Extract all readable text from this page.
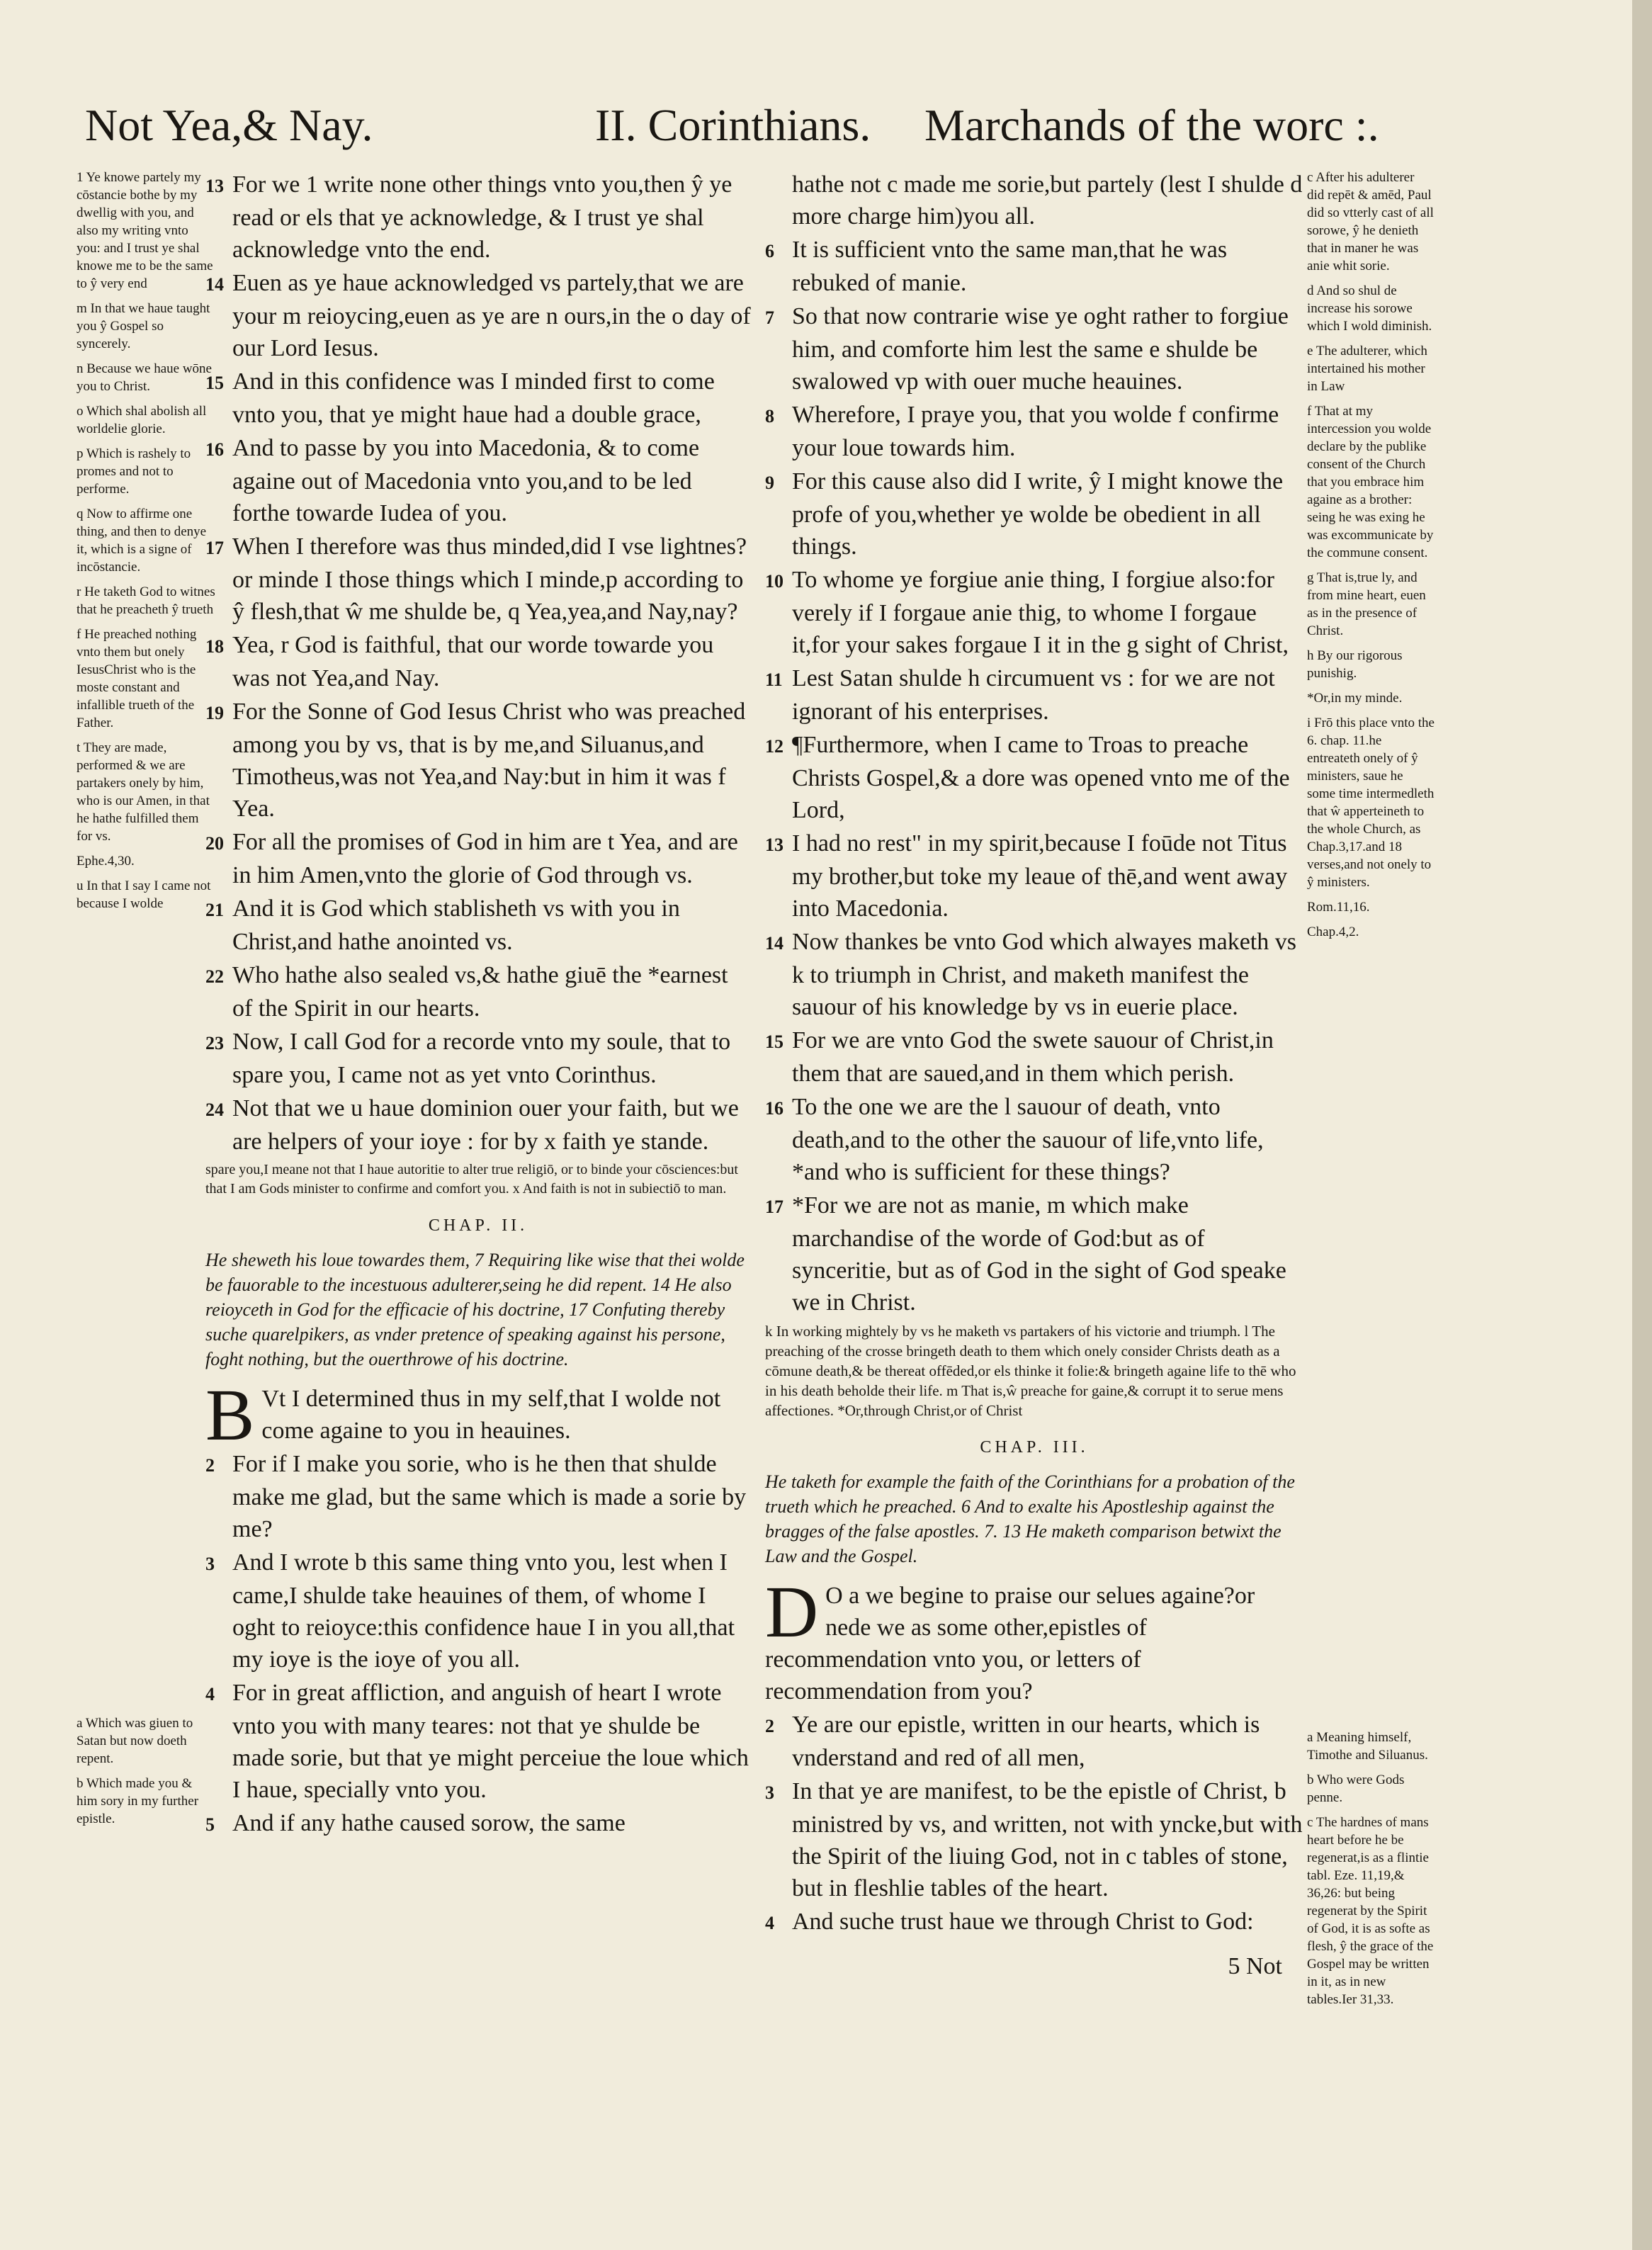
Not Yea,& Nay.	II. Corinthians. Marchands of the worc :.

1 Ye knowe partely my cōstancie bothe by my dwellig with you, and also my writing vnto you: and I trust ye shal knowe me to be the same to ŷ very end

m In that we haue taught you ŷ Gospel so syncerely.

n Because we haue wōne you to Christ.

o Which shal abolish all worldelie glorie.

p Which is rashely to promes and not to performe.

q Now to affirme one thing, and then to denye it, which is a signe of incōstancie.

r He taketh God to witnes that he preacheth ŷ trueth

f He preached nothing vnto them but onely IesusChrist who is the moste constant and infallible trueth of the Father.

t They are made, performed & we are partakers onely by him, who is our Amen, in that he hathe fulfilled them for vs.

Ephe.4,30.

u In that I say I came not because I wolde

a Which was giuen to Satan but now doeth repent.

b Which made you & him sory in my further epistle.

13 For we 1 write none other things vnto you,then ŷ ye read or els that ye acknowledge, & I trust ye shal acknowledge vnto the end.

14 Euen as ye haue acknowledged vs partely,that we are your m reioycing,euen as ye are n ours,in the o day of our Lord Iesus.

15 And in this confidence was I minded first to come vnto you, that ye might haue had a double grace,

16 And to passe by you into Macedonia, & to come againe out of Macedonia vnto you,and to be led forthe towarde Iudea of you.

17 When I therefore was thus minded,did I vse lightnes? or minde I those things which I minde,p according to ŷ flesh,that ŵ me shulde be, q Yea,yea,and Nay,nay?

18 Yea, r God is faithful, that our worde towarde you was not Yea,and Nay.

19 For the Sonne of God Iesus Christ who was preached among you by vs, that is by me,and Siluanus,and Timotheus,was not Yea,and Nay:but in him it was f Yea.

20 For all the promises of God in him are t Yea, and are in him Amen,vnto the glorie of God through vs.

21 And it is God which stablisheth vs with you in Christ,and hathe anointed vs.

22 Who hathe also sealed vs,& hathe giuē the *earnest of the Spirit in our hearts.

23 Now, I call God for a recorde vnto my soule, that to spare you, I came not as yet vnto Corinthus.

24 Not that we u haue dominion ouer your faith, but we are helpers of your ioye : for by x faith ye stande.

spare you,I meane not that I haue autoritie to alter true religiō, or to binde your cōsciences:but that I am Gods minister to confirme and comfort you. x And faith is not in subiectiō to man.

CHAP. II.

He sheweth his loue towardes them, 7 Requiring like wise that thei wolde be fauorable to the incestuous adulterer,seing he did repent. 14 He also reioyceth in God for the efficacie of his doctrine, 17 Confuting thereby suche quarelpikers, as vnder pretence of speaking against his persone, foght nothing, but the ouerthrowe of his doctrine.

B Vt I determined thus in my self,that I wolde not come againe to you in heauines.

2 For if I make you sorie, who is he then that shulde make me glad, but the same which is made a sorie by me?

3 And I wrote b this same thing vnto you, lest when I came,I shulde take heauines of them, of whome I oght to reioyce:this confidence haue I in you all,that my ioye is the ioye of you all.

4 For in great affliction, and anguish of heart I wrote vnto you with many teares: not that ye shulde be made sorie, but that ye might perceiue the loue which I haue, specially vnto you.

5 And if any hathe caused sorow, the same

hathe not c made me sorie,but partely (lest I shulde d more charge him)you all.

6 It is sufficient vnto the same man,that he was rebuked of manie.

7 So that now contrarie wise ye oght rather to forgiue him, and comforte him lest the same e shulde be swalowed vp with ouer muche heauines.

8 Wherefore, I praye you, that you wolde f confirme your loue towards him.

9 For this cause also did I write, ŷ I might knowe the profe of you,whether ye wolde be obedient in all things.

10 To whome ye forgiue anie thing, I forgiue also:for verely if I forgaue anie thig, to whome I forgaue it,for your sakes forgaue I it in the g sight of Christ,

11 Lest Satan shulde h circumuent vs : for we are not ignorant of his enterprises.

12 ¶Furthermore, when I came to Troas to preache Christs Gospel,& a dore was opened vnto me of the Lord,

13 I had no rest" in my spirit,because I foūde not Titus my brother,but toke my leaue of thē,and went away into Macedonia.

14 Now thankes be vnto God which alwayes maketh vs k to triumph in Christ, and maketh manifest the sauour of his knowledge by vs in euerie place.

15 For we are vnto God the swete sauour of Christ,in them that are saued,and in them which perish.

16 To the one we are the l sauour of death, vnto death,and to the other the sauour of life,vnto life, *and who is sufficient for these things?

17 *For we are not as manie, m which make marchandise of the worde of God:but as of synceritie, but as of God in the sight of God speake we in Christ.

k In working mightely by vs he maketh vs partakers of his victorie and triumph. l The preaching of the crosse bringeth death to them which onely consider Christs death as a cōmune death,& be thereat offēded,or els thinke it folie:& bringeth againe life to thē who in his death beholde their life. m That is,ŵ preache for gaine,& corrupt it to serue mens affectiones. *Or,through Christ,or of Christ

CHAP. III.

He taketh for example the faith of the Corinthians for a probation of the trueth which he preached. 6 And to exalte his Apostleship against the bragges of the false apostles. 7. 13 He maketh comparison betwixt the Law and the Gospel.

D O a we begine to praise our selues againe?or nede we as some other,epistles of recommendation vnto you, or letters of recommendation from you?

2 Ye are our epistle, written in our hearts, which is vnderstand and red of all men,

3 In that ye are manifest, to be the epistle of Christ, b ministred by vs, and written, not with yncke,but with the Spirit of the liuing God, not in c tables of stone, but in fleshlie tables of the heart.

4 And suche trust haue we through Christ to God:

5 Not

c After his adulterer did repēt & amēd, Paul did so vtterly cast of all sorowe, ŷ he denieth that in maner he was anie whit sorie.

d And so shul de increase his sorowe which I wold diminish.

e The adulterer, which intertained his mother in Law

f That at my intercession you wolde declare by the publike consent of the Church that you embrace him againe as a brother: seing he was exing he was excommunicate by the commune consent.

g That is,true ly, and from mine heart, euen as in the presence of Christ.

h By our rigorous punishig.

*Or,in my minde.

i Frō this place vnto the 6. chap. 11.he entreateth onely of ŷ ministers, saue he some time intermedleth that ŵ apperteineth to the whole Church, as Chap.3,17.and 18 verses,and not onely to ŷ ministers.

Rom.11,16.

Chap.4,2.

a Meaning himself, Timothe and Siluanus.

b Who were Gods penne.

c The hardnes of mans heart before he be regenerat,is as a flintie tabl. Eze. 11,19,& 36,26: but being regenerat by the Spirit of God, it is as softe as flesh, ŷ the grace of the Gospel may be written in it, as in new tables.Ier 31,33.
